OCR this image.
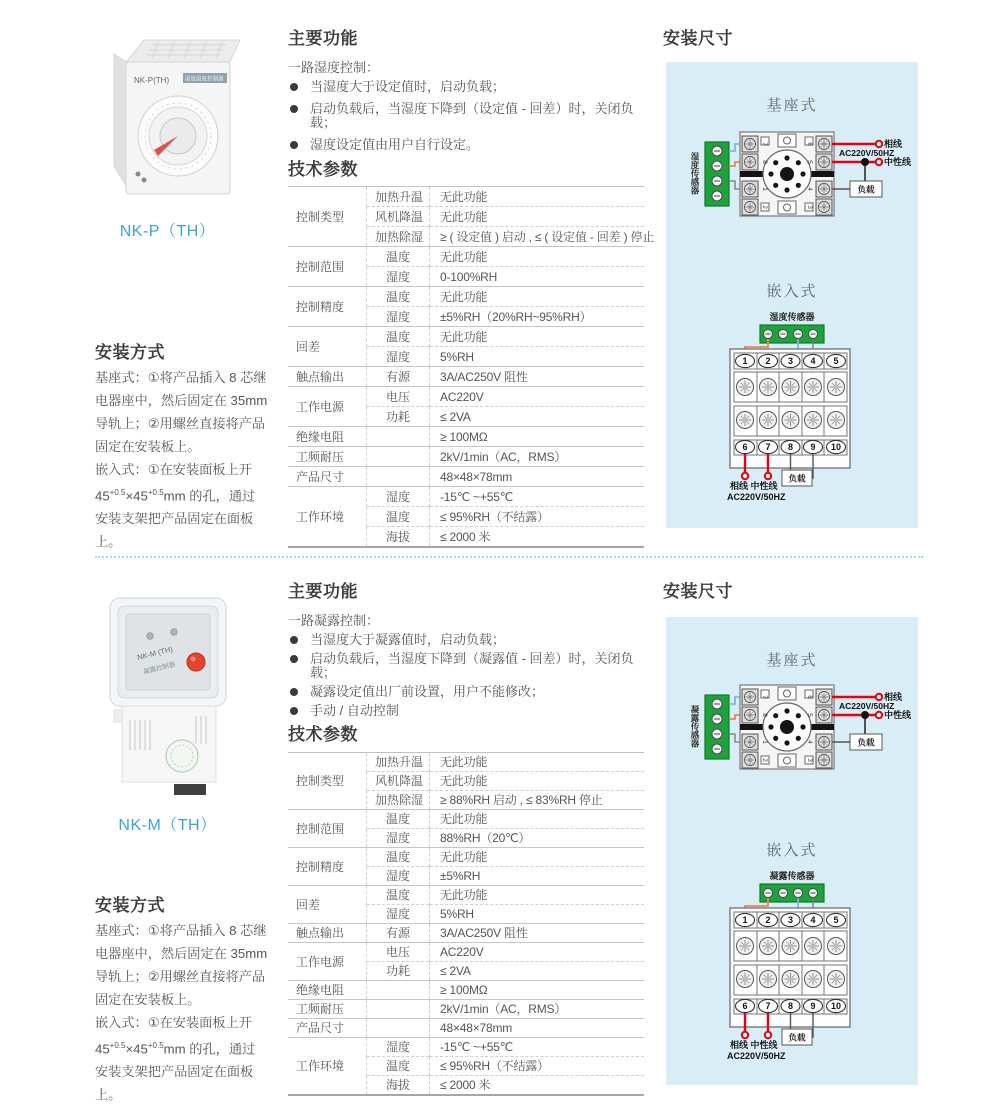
NK-P(TH)	湿度温度控制器
NK-P（TH）
安装方式

基座式：①将产品插入 8 芯继电器座中，然后固定在 35mm 导轨上；②用螺丝直接将产品固定在安装板上。

嵌入式：①在安装面板上开
$45^{+0.5}\times 45^{+0.5}mm$ 的孔，通过
安装支架把产品固定在面板上。

主要功能
一路湿度控制：
当湿度大于设定值时，启动负载；
启动负载后，当湿度下降到（设定值 - 回差）时，关闭负载；
湿度设定值由用户自行设定。
技术参数
控制类型	加热升温	无此功能
	风机降温	无此功能
	加热除湿	≥ ( 设定值 ) 启动 , ≤ ( 设定值 - 回差 ) 停止
控制范围	温度	无此功能
	湿度	0-100%RH
控制精度	温度	无此功能
	湿度	±5%RH（20%RH~95%RH）
回差	温度	无此功能
	湿度	5%RH
触点输出	有源	3A/AC250V 阻性
工作电源	电压	AC220V
	功耗	≤ 2VA
绝缘电阻		≥ 100MΩ
工频耐压		2kV/1min（AC，RMS）
产品尺寸		48×48×78mm
工作环境	湿度	-15℃ ~+55℃
	温度	≤ 95%RH（不结露）
	海拔	≤ 2000 米
安装尺寸
基座式
湿度传感器
7
8
1
2
6
5
4
3
负载
相线
AC220V/50HZ
中性线
嵌入式
湿度传感器
1 2 3 4 5
6 7 8 9 10
负载
相线 中性线
AC220V/50HZ
NK-M (TH)
凝露控制器
NK-M（TH）
安装方式

基座式：①将产品插入 8 芯继电器座中，然后固定在 35mm 导轨上；②用螺丝直接将产品固定在安装板上。

嵌入式：①在安装面板上开
$45^{+0.5}\times 45^{+0.5}mm$ 的孔，通过
安装支架把产品固定在面板上。

主要功能
一路凝露控制：
当湿度大于凝露值时，启动负载；
启动负载后，当湿度下降到（凝露值 - 回差）时，关闭负载；
凝露设定值出厂前设置，用户不能修改；
手动 / 自动控制
技术参数
控制类型	加热升温	无此功能
	风机降温	无此功能
	加热除湿	≥ 88%RH 启动 , ≤ 83%RH 停止
控制范围	温度	无此功能
	湿度	88%RH（20℃）
控制精度	温度	无此功能
	湿度	±5%RH
回差	温度	无此功能
	湿度	5%RH
触点输出	有源	3A/AC250V 阻性
工作电源	电压	AC220V
	功耗	≤ 2VA
绝缘电阻		≥ 100MΩ
工频耐压		2kV/1min（AC，RMS）
产品尺寸		48×48×78mm
工作环境	湿度	-15℃ ~+55℃
	温度	≤ 95%RH（不结露）
	海拔	≤ 2000 米
安装尺寸
基座式
凝露传感器
7
8
1
2
6
5
4
3
负载
相线
AC220V/50HZ
中性线
嵌入式
凝露传感器
1 2 3 4 5
6 7 8 9 10
负载
相线 中性线
AC220V/50HZ
